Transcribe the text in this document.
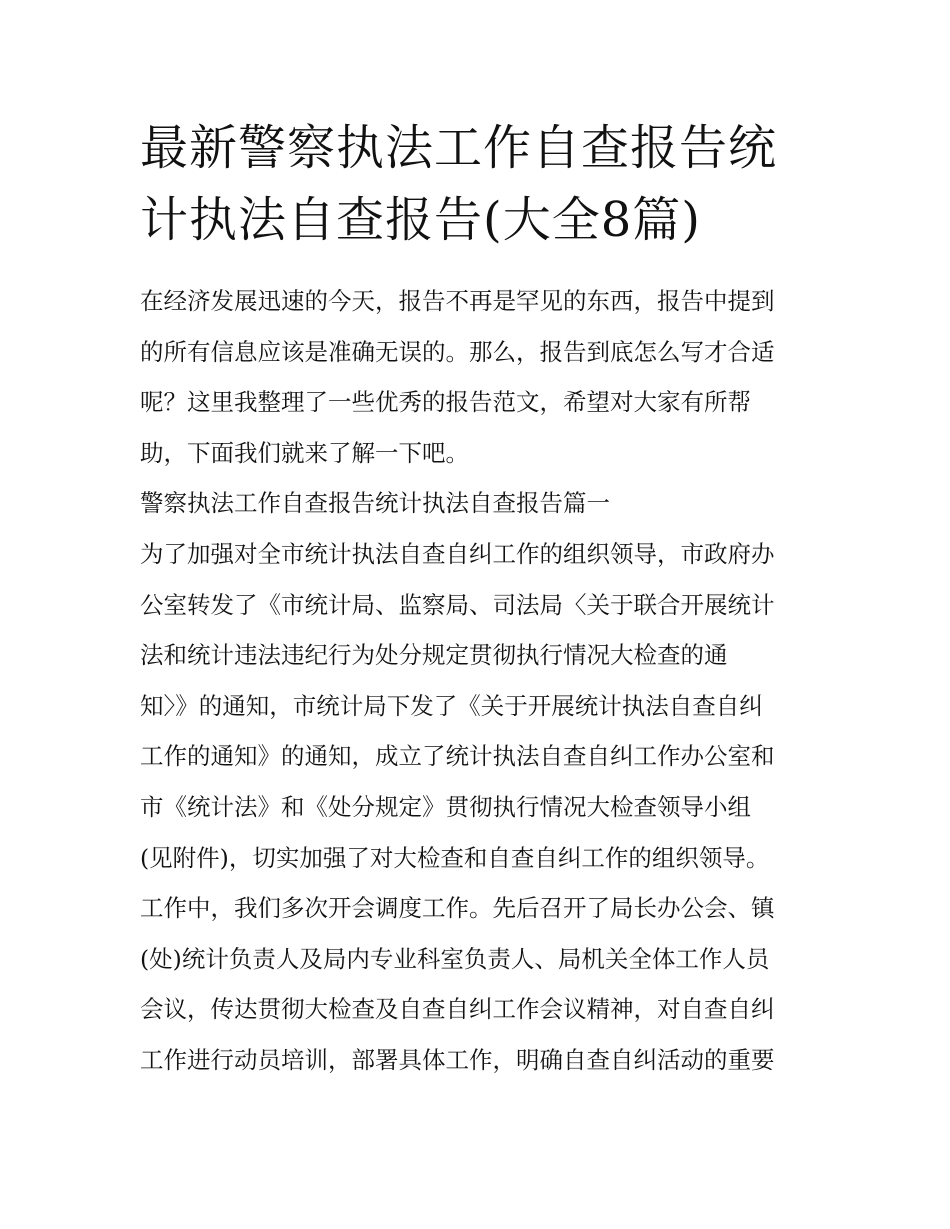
最新警察执法工作自查报告统
计执法自查报告(大全8篇)
在经济发展迅速的今天，报告不再是罕见的东西，报告中提到
的所有信息应该是准确无误的。那么，报告到底怎么写才合适
呢？这里我整理了一些优秀的报告范文，希望对大家有所帮
助，下面我们就来了解一下吧。
警察执法工作自查报告统计执法自查报告篇一
为了加强对全市统计执法自查自纠工作的组织领导，市政府办
公室转发了《市统计局、监察局、司法局〈关于联合开展统计
法和统计违法违纪行为处分规定贯彻执行情况大检查的通
知〉》的通知，市统计局下发了《关于开展统计执法自查自纠
工作的通知》的通知，成立了统计执法自查自纠工作办公室和
市《统计法》和《处分规定》贯彻执行情况大检查领导小组
(见附件)，切实加强了对大检查和自查自纠工作的组织领导。
工作中，我们多次开会调度工作。先后召开了局长办公会、镇
(处)统计负责人及局内专业科室负责人、局机关全体工作人员
会议，传达贯彻大检查及自查自纠工作会议精神，对自查自纠
工作进行动员培训，部署具体工作，明确自查自纠活动的重要
